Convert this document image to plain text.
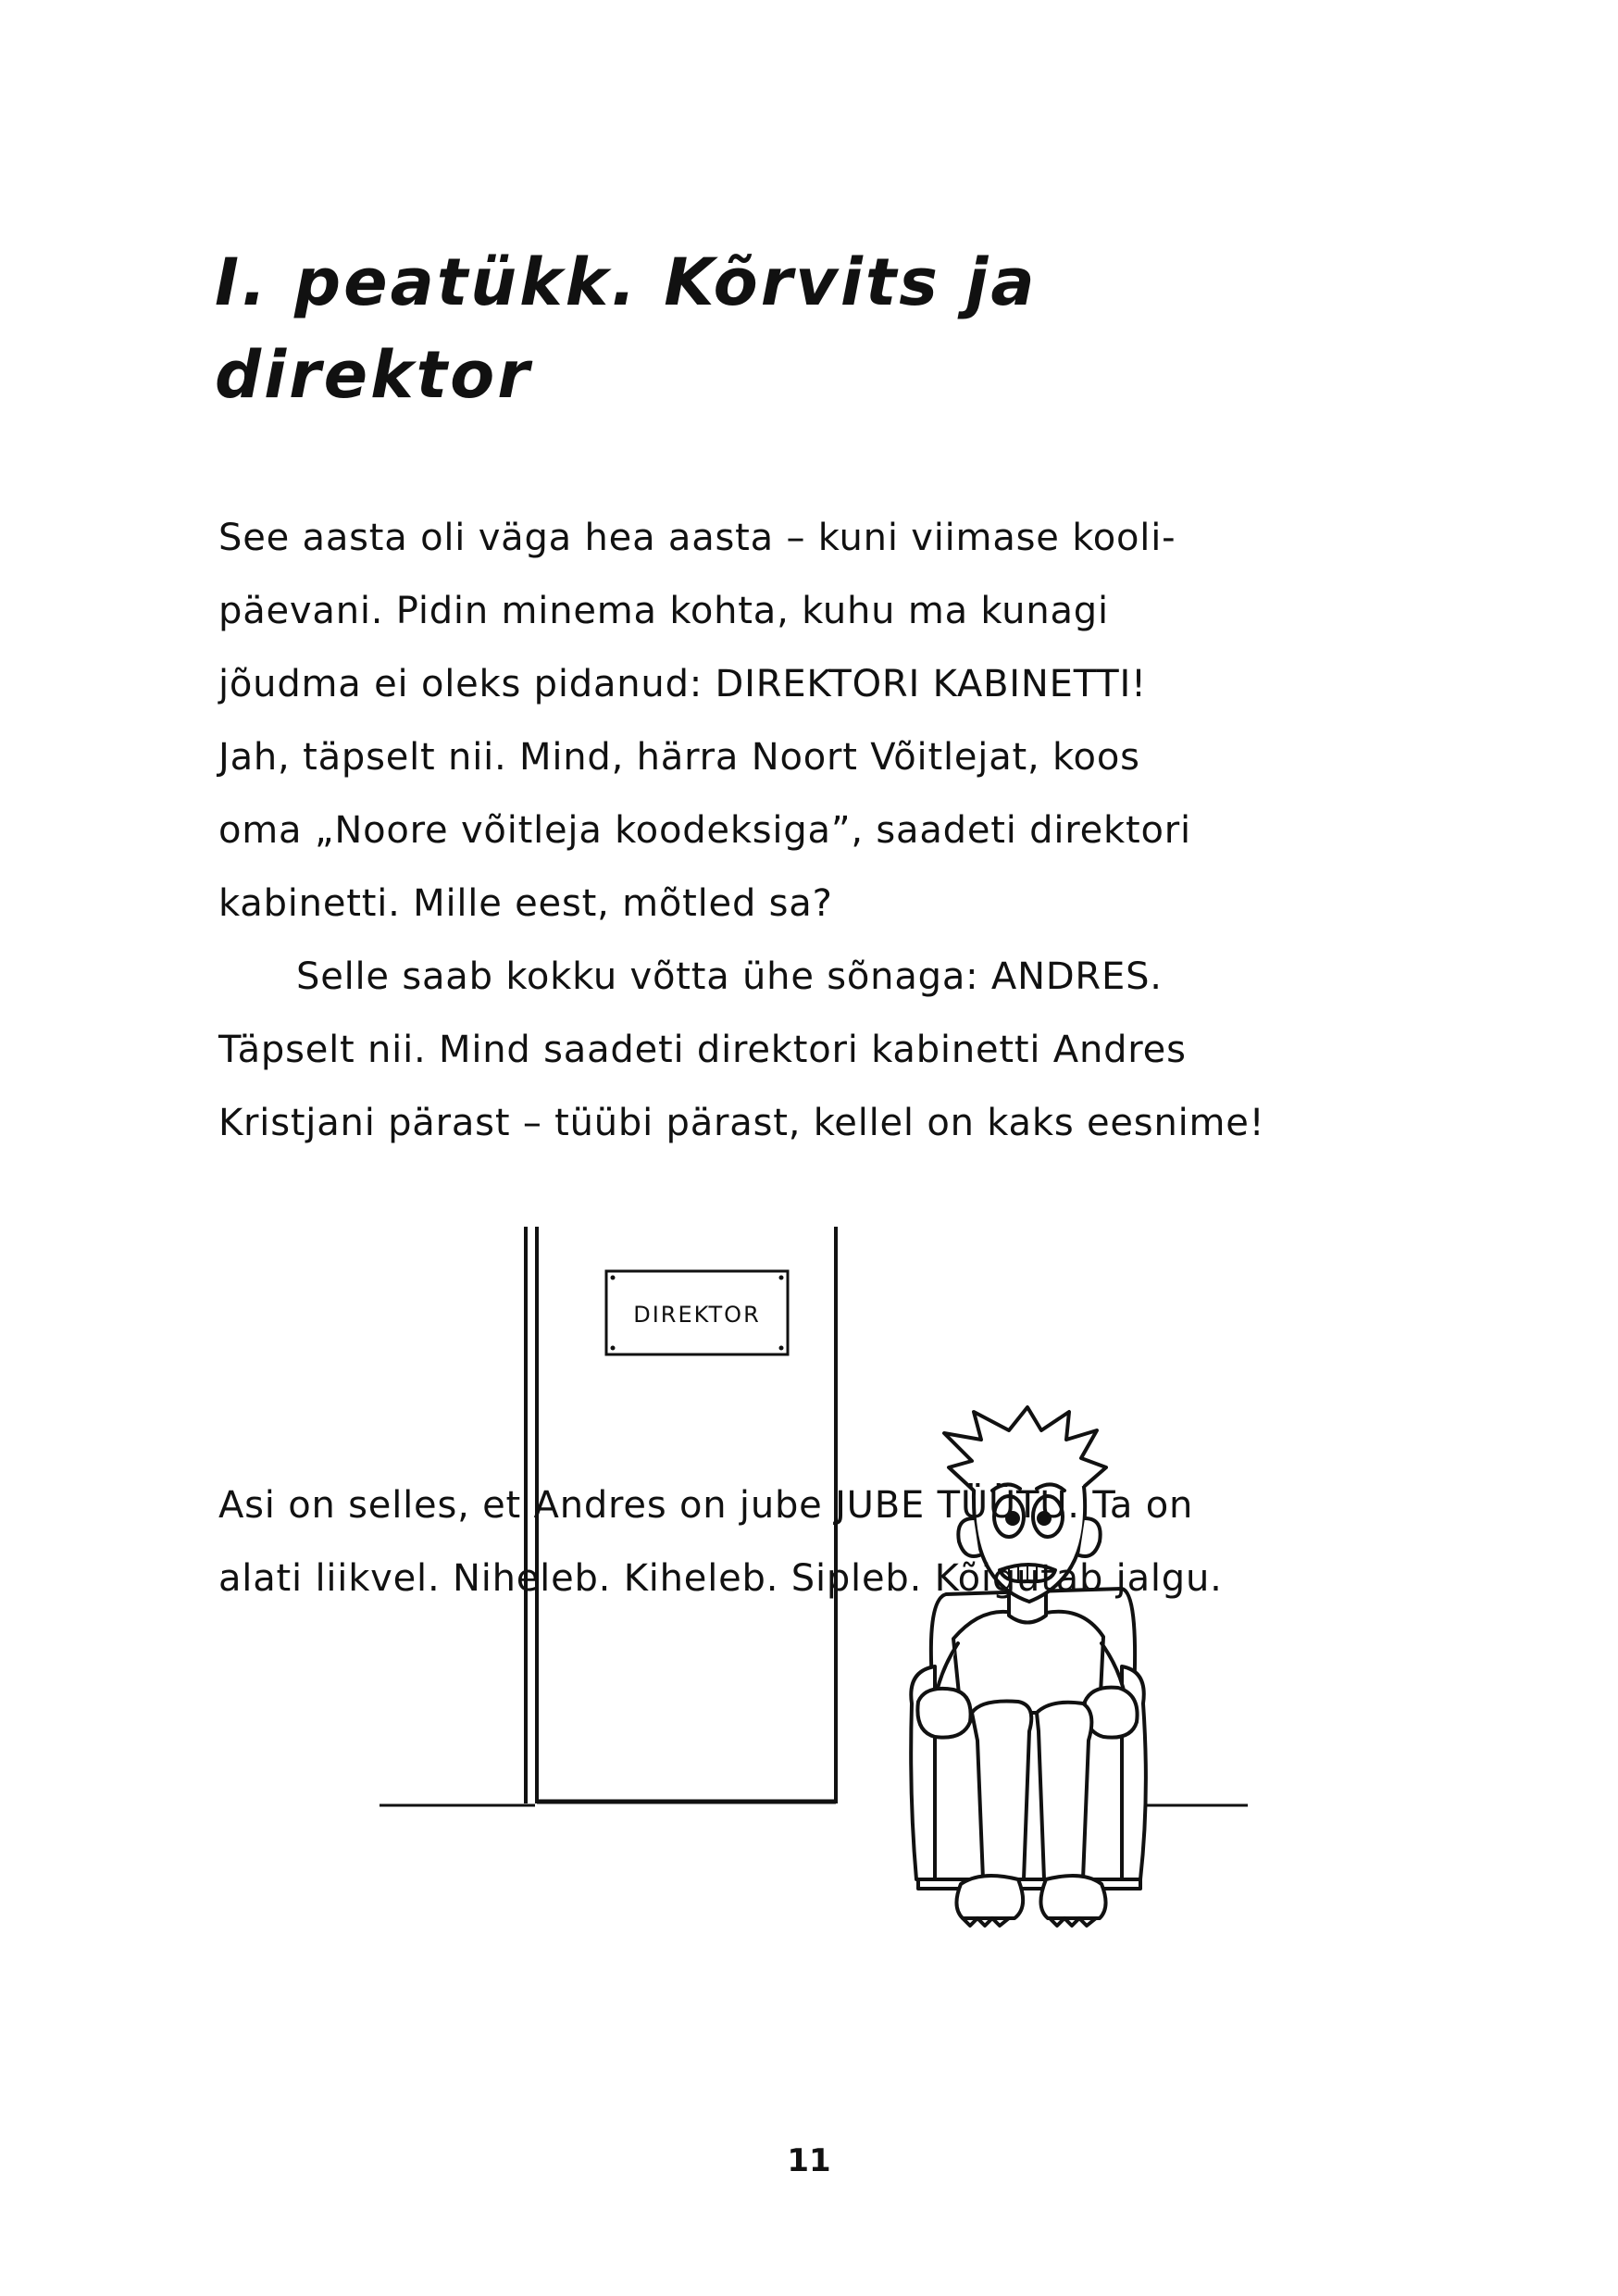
I. peatükk. Kõrvits ja
direktor
See aasta oli väga hea aasta – kuni viimase kooli-
päevani. Pidin minema kohta, kuhu ma kunagi
jõudma ei oleks pidanud: DIREKTORI KABINETTI!
Jah, täpselt nii. Mind, härra Noort Võitlejat, koos
oma „Noore võitleja koodeksiga”, saadeti direktori
kabinetti. Mille eest, mõtled sa?
Selle saab kokku võtta ühe sõnaga: ANDRES.
Täpselt nii. Mind saadeti direktori kabinetti Andres
Kristjani pärast – tüübi pärast, kellel on kaks eesnime!
DIREKTOR
Asi on selles, et Andres on jube JUBE TÜÜTU. Ta on
alati liikvel. Niheleb. Kiheleb. Sipleb. Kõigutab jalgu.
11
